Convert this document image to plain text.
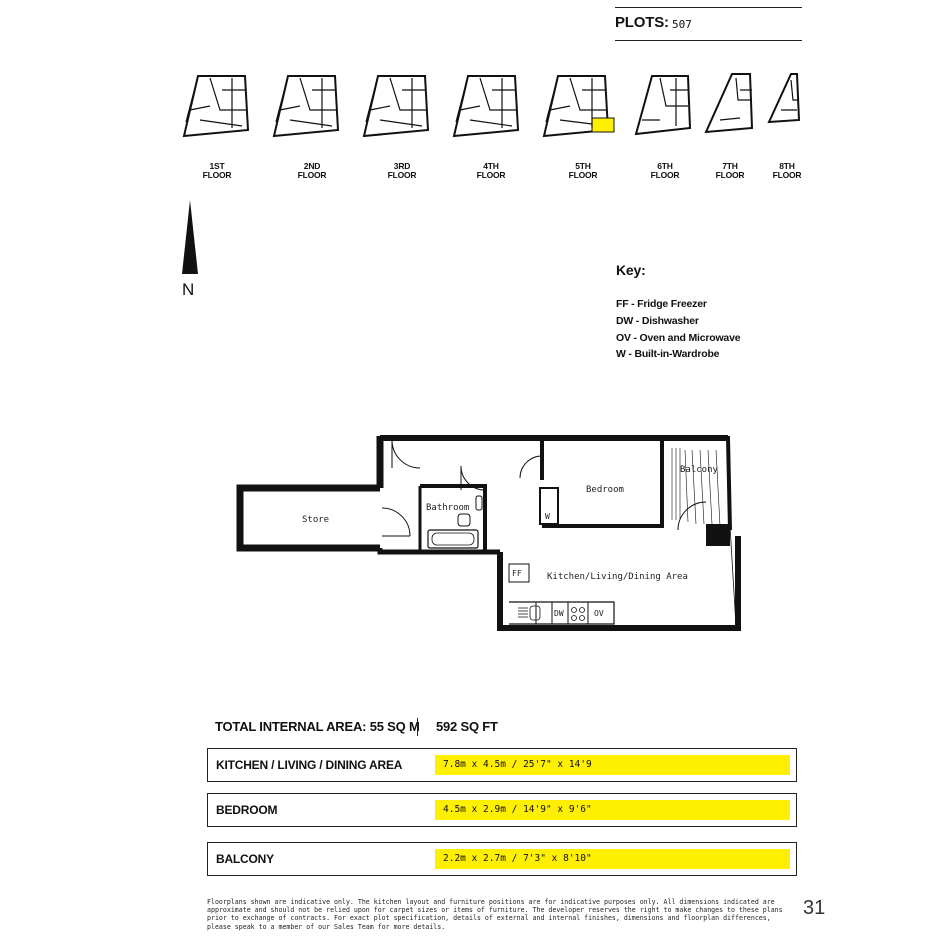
PLOTS: 507
1ST
FLOOR
2ND
FLOOR
3RD
FLOOR
4TH
FLOOR
5TH
FLOOR
6TH
FLOOR
7TH
FLOOR
8TH
FLOOR
N
Key:
FF - Fridge Freezer
DW - Dishwasher
OV - Oven and Microwave
W - Built-in-Wardrobe
Store
Bathroom
Bedroom
Balcony
Kitchen/Living/Dining Area
FF
DW	OV
W
TOTAL INTERNAL AREA: 55 SQ M 592 SQ FT
KITCHEN / LIVING / DINING AREA	7.8m x 4.5m / 25'7" x 14'9
BEDROOM	4.5m x 2.9m / 14'9" x 9'6"
BALCONY	2.2m x 2.7m / 7'3" x 8'10"
Floorplans shown are indicative only. The kitchen layout and furniture positions are for indicative purposes only. All dimensions indicated are approximate and should not be relied upon for carpet sizes or items of furniture. The developer reserves the right to make changes to these plans prior to exchange of contracts. For exact plot specification, details of external and internal finishes, dimensions and floorplan differences, please speak to a member of our Sales Team for more details.
31
